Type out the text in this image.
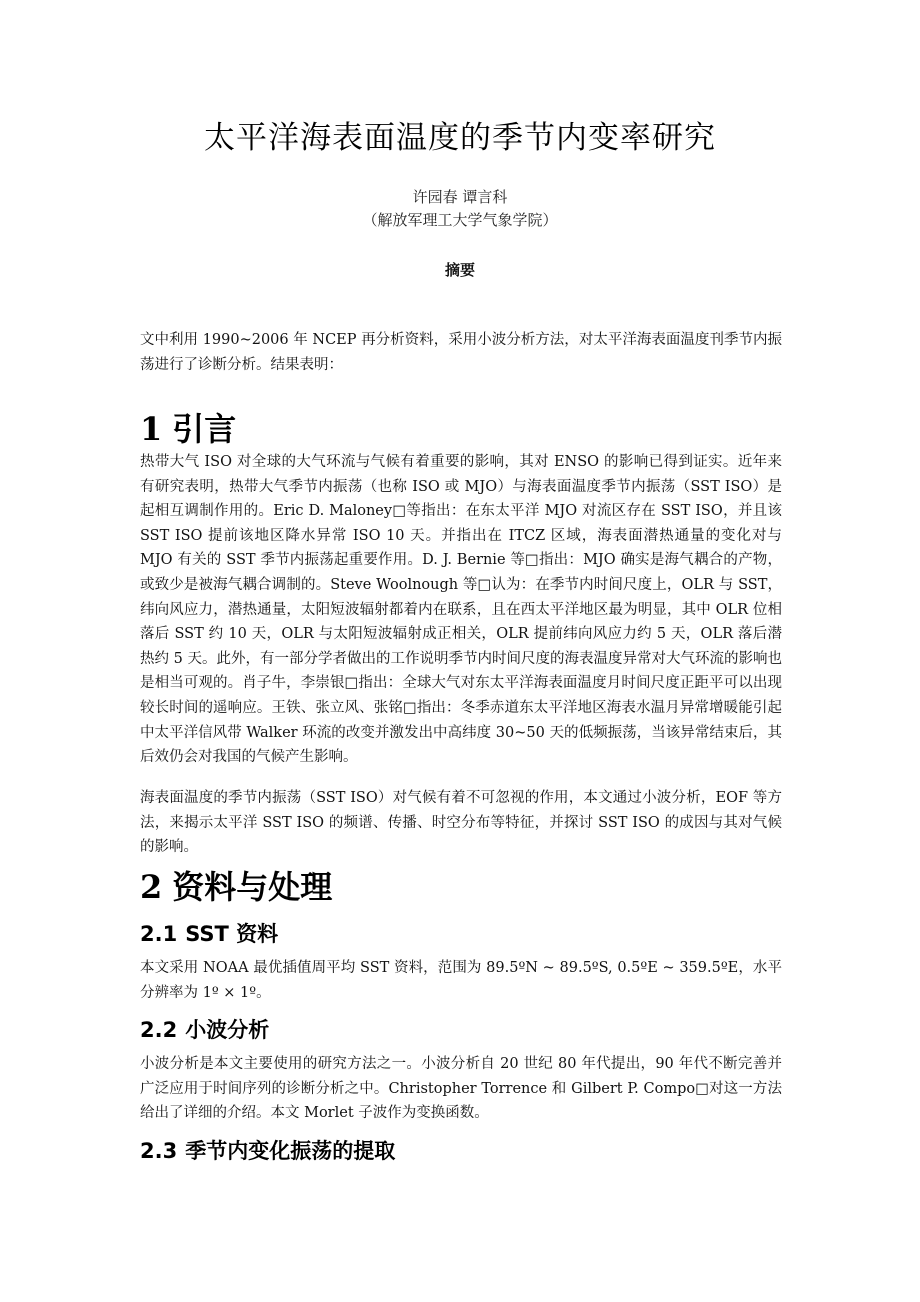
太平洋海表面温度的季节内变率研究
许园春 谭言科
（解放军理工大学气象学院）
摘要

文中利用 1990~2006 年 NCEP 再分析资料，采用小波分析方法，对太平洋海表面温度刊季节内振荡进行了诊断分析。结果表明：

1 引言

热带大气 ISO 对全球的大气环流与气候有着重要的影响，其对 ENSO 的影响已得到证实。近年来有研究表明，热带大气季节内振荡（也称 ISO 或 MJO）与海表面温度季节内振荡（SST ISO）是起相互调制作用的。Eric D. Maloney□等指出：在东太平洋 MJO 对流区存在 SST ISO，并且该 SST ISO 提前该地区降水异常 ISO 10 天。并指出在 ITCZ 区域，海表面潜热通量的变化对与 MJO 有关的 SST 季节内振荡起重要作用。D. J. Bernie 等□指出：MJO 确实是海气耦合的产物，或致少是被海气耦合调制的。Steve Woolnough 等□认为：在季节内时间尺度上，OLR 与 SST，纬向风应力，潜热通量，太阳短波辐射都着内在联系，且在西太平洋地区最为明显，其中 OLR 位相落后 SST 约 10 天，OLR 与太阳短波辐射成正相关，OLR 提前纬向风应力约 5 天，OLR 落后潜热约 5 天。此外，有一部分学者做出的工作说明季节内时间尺度的海表温度异常对大气环流的影响也是相当可观的。肖子牛，李崇银□指出：全球大气对东太平洋海表面温度月时间尺度正距平可以出现较长时间的遥响应。王铁、张立风、张铭□指出：冬季赤道东太平洋地区海表水温月异常增暖能引起中太平洋信风带 Walker 环流的改变并激发出中高纬度 30~50 天的低频振荡，当该异常结束后，其后效仍会对我国的气候产生影响。

海表面温度的季节内振荡（SST ISO）对气候有着不可忽视的作用，本文通过小波分析，EOF 等方法，来揭示太平洋 SST ISO 的频谱、传播、时空分布等特征，并探讨 SST ISO 的成因与其对气候的影响。

2 资料与处理
2.1 SST 资料

本文采用 NOAA 最优插值周平均 SST 资料，范围为 89.5ºN ~ 89.5ºS, 0.5ºE ~ 359.5ºE，水平分辨率为 1º × 1º。

2.2 小波分析

小波分析是本文主要使用的研究方法之一。小波分析自 20 世纪 80 年代提出，90 年代不断完善并广泛应用于时间序列的诊断分析之中。Christopher Torrence 和 Gilbert P. Compo□对这一方法给出了详细的介绍。本文 Morlet 子波作为变换函数。

2.3 季节内变化振荡的提取
